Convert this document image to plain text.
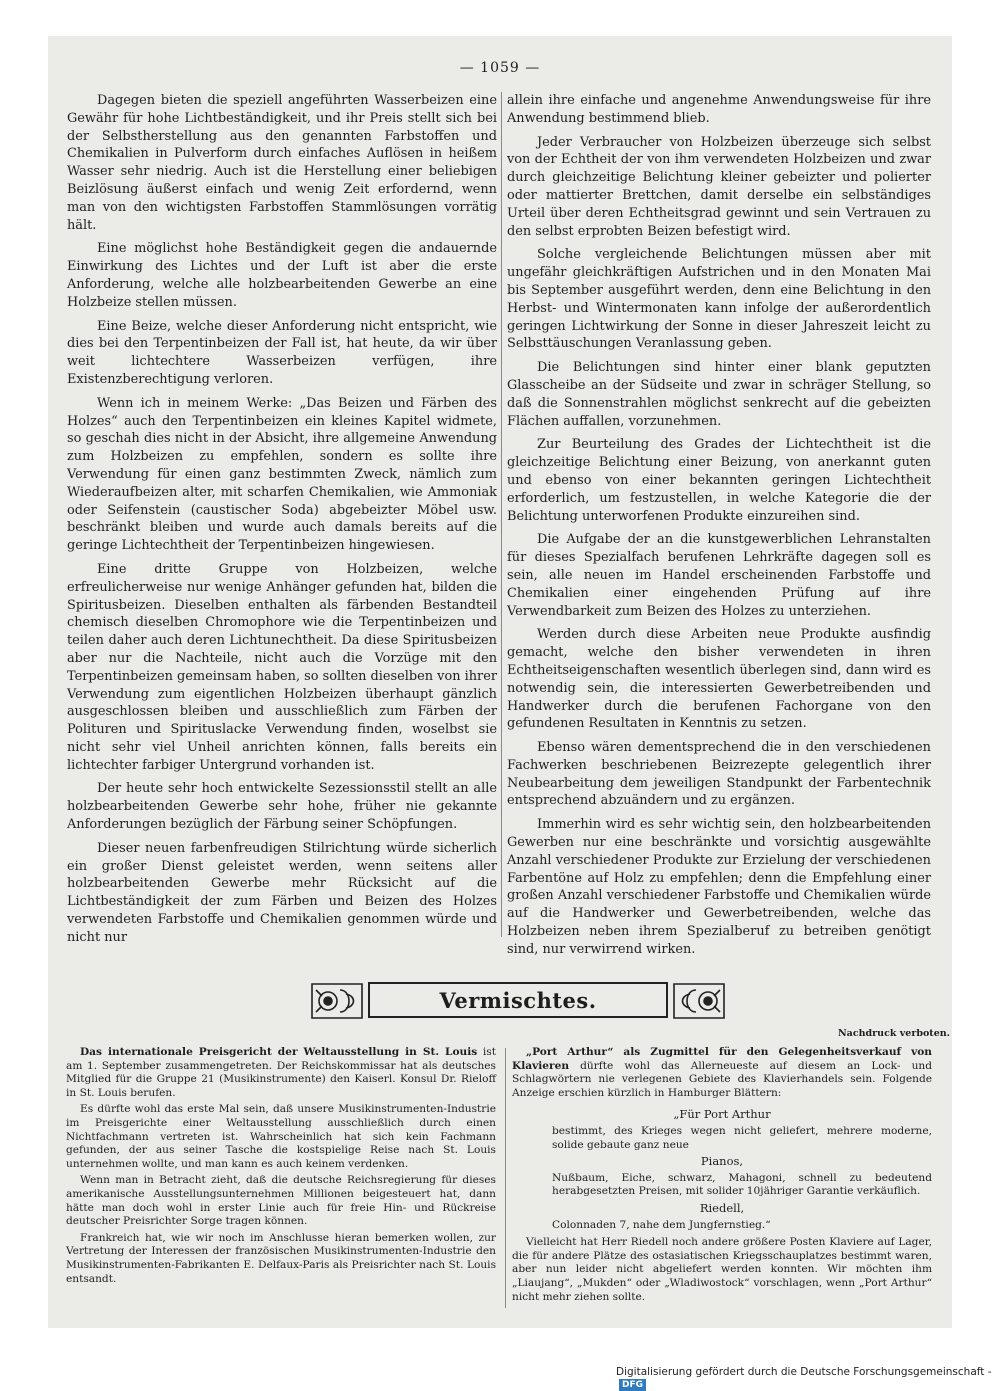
— 1059 —

Dagegen bieten die speziell angeführten Wasserbeizen eine Gewähr für hohe Lichtbeständigkeit, und ihr Preis stellt sich bei der Selbstherstellung aus den genannten Farbstoffen und Chemikalien in Pulverform durch einfaches Auflösen in heißem Wasser sehr niedrig. Auch ist die Herstellung einer beliebigen Beizlösung äußerst einfach und wenig Zeit erfordernd, wenn man von den wichtigsten Farbstoffen Stammlösungen vorrätig hält.

Eine möglichst hohe Beständigkeit gegen die andauernde Einwirkung des Lichtes und der Luft ist aber die erste Anforderung, welche alle holzbearbeitenden Gewerbe an eine Holzbeize stellen müssen.

Eine Beize, welche dieser Anforderung nicht entspricht, wie dies bei den Terpentinbeizen der Fall ist, hat heute, da wir über weit lichtechtere Wasserbeizen verfügen, ihre Existenzberechtigung verloren.

Wenn ich in meinem Werke: „Das Beizen und Färben des Holzes“ auch den Terpentinbeizen ein kleines Kapitel widmete, so geschah dies nicht in der Absicht, ihre allgemeine Anwendung zum Holzbeizen zu empfehlen, sondern es sollte ihre Verwendung für einen ganz bestimmten Zweck, nämlich zum Wiederaufbeizen alter, mit scharfen Chemikalien, wie Ammoniak oder Seifenstein (caustischer Soda) abgebeizter Möbel usw. beschränkt bleiben und wurde auch damals bereits auf die geringe Lichtechtheit der Terpentinbeizen hingewiesen.

Eine dritte Gruppe von Holzbeizen, welche erfreulicherweise nur wenige Anhänger gefunden hat, bilden die Spiritusbeizen. Dieselben enthalten als färbenden Bestandteil chemisch dieselben Chromophore wie die Terpentinbeizen und teilen daher auch deren Lichtunechtheit. Da diese Spiritusbeizen aber nur die Nachteile, nicht auch die Vorzüge mit den Terpentinbeizen gemeinsam haben, so sollten dieselben von ihrer Verwendung zum eigentlichen Holzbeizen überhaupt gänzlich ausgeschlossen bleiben und ausschließlich zum Färben der Polituren und Spirituslacke Verwendung finden, woselbst sie nicht sehr viel Unheil anrichten können, falls bereits ein lichtechter farbiger Untergrund vorhanden ist.

Der heute sehr hoch entwickelte Sezessionsstil stellt an alle holzbearbeitenden Gewerbe sehr hohe, früher nie gekannte Anforderungen bezüglich der Färbung seiner Schöpfungen.

Dieser neuen farbenfreudigen Stilrichtung würde sicherlich ein großer Dienst geleistet werden, wenn seitens aller holzbearbeitenden Gewerbe mehr Rücksicht auf die Lichtbeständigkeit der zum Färben und Beizen des Holzes verwendeten Farbstoffe und Chemikalien genommen würde und nicht nur

allein ihre einfache und angenehme Anwendungsweise für ihre Anwendung bestimmend blieb.

Jeder Verbraucher von Holzbeizen überzeuge sich selbst von der Echtheit der von ihm verwendeten Holzbeizen und zwar durch gleichzeitige Belichtung kleiner gebeizter und polierter oder mattierter Brettchen, damit derselbe ein selbständiges Urteil über deren Echtheitsgrad gewinnt und sein Vertrauen zu den selbst erprobten Beizen befestigt wird.

Solche vergleichende Belichtungen müssen aber mit ungefähr gleichkräftigen Aufstrichen und in den Monaten Mai bis September ausgeführt werden, denn eine Belichtung in den Herbst- und Wintermonaten kann infolge der außerordentlich geringen Lichtwirkung der Sonne in dieser Jahreszeit leicht zu Selbsttäuschungen Veranlassung geben.

Die Belichtungen sind hinter einer blank geputzten Glasscheibe an der Südseite und zwar in schräger Stellung, so daß die Sonnenstrahlen möglichst senkrecht auf die gebeizten Flächen auffallen, vorzunehmen.

Zur Beurteilung des Grades der Lichtechtheit ist die gleichzeitige Belichtung einer Beizung, von anerkannt guten und ebenso von einer bekannten geringen Lichtechtheit erforderlich, um festzustellen, in welche Kategorie die der Belichtung unterworfenen Produkte einzureihen sind.

Die Aufgabe der an die kunstgewerblichen Lehranstalten für dieses Spezialfach berufenen Lehrkräfte dagegen soll es sein, alle neuen im Handel erscheinenden Farbstoffe und Chemikalien einer eingehenden Prüfung auf ihre Verwendbarkeit zum Beizen des Holzes zu unterziehen.

Werden durch diese Arbeiten neue Produkte ausfindig gemacht, welche den bisher verwendeten in ihren Echtheitseigenschaften wesentlich überlegen sind, dann wird es notwendig sein, die interessierten Gewerbetreibenden und Handwerker durch die berufenen Fachorgane von den gefundenen Resultaten in Kenntnis zu setzen.

Ebenso wären dementsprechend die in den verschiedenen Fachwerken beschriebenen Beizrezepte gelegentlich ihrer Neubearbeitung dem jeweiligen Standpunkt der Farbentechnik entsprechend abzuändern und zu ergänzen.

Immerhin wird es sehr wichtig sein, den holzbearbeitenden Gewerben nur eine beschränkte und vorsichtig ausgewählte Anzahl verschiedener Produkte zur Erzielung der verschiedenen Farbentöne auf Holz zu empfehlen; denn die Empfehlung einer großen Anzahl verschiedener Farbstoffe und Chemikalien würde auf die Handwerker und Gewerbetreibenden, welche das Holzbeizen neben ihrem Spezialberuf zu betreiben genötigt sind, nur verwirrend wirken.

Vermischtes.
Nachdruck verboten.

Das internationale Preisgericht der Weltausstellung in St. Louis ist am 1. September zusammengetreten. Der Reichskommissar hat als deutsches Mitglied für die Gruppe 21 (Musikinstrumente) den Kaiserl. Konsul Dr. Rieloff in St. Louis berufen.

Es dürfte wohl das erste Mal sein, daß unsere Musikinstrumenten-Industrie im Preisgerichte einer Weltausstellung ausschließlich durch einen Nichtfachmann vertreten ist. Wahrscheinlich hat sich kein Fachmann gefunden, der aus seiner Tasche die kostspielige Reise nach St. Louis unternehmen wollte, und man kann es auch keinem verdenken.

Wenn man in Betracht zieht, daß die deutsche Reichsregierung für dieses amerikanische Ausstellungsunternehmen Millionen beigesteuert hat, dann hätte man doch wohl in erster Linie auch für freie Hin- und Rückreise deutscher Preisrichter Sorge tragen können.

Frankreich hat, wie wir noch im Anschlusse hieran bemerken wollen, zur Vertretung der Interessen der französischen Musikinstrumenten-Industrie den Musikinstrumenten-Fabrikanten E. Delfaux-Paris als Preisrichter nach St. Louis entsandt.

„Port Arthur“ als Zugmittel für den Gelegenheitsverkauf von Klavieren dürfte wohl das Allerneueste auf diesem an Lock- und Schlagwörtern nie verlegenen Gebiete des Klavierhandels sein. Folgende Anzeige erschien kürzlich in Hamburger Blättern:

„Für Port Arthur

bestimmt, des Krieges wegen nicht geliefert, mehrere moderne, solide gebaute ganz neue

Pianos,

Nußbaum, Eiche, schwarz, Mahagoni, schnell zu bedeutend herabgesetzten Preisen, mit solider 10jähriger Garantie verkäuflich.

Riedell,

Colonnaden 7, nahe dem Jungfernstieg.“

Vielleicht hat Herr Riedell noch andere größere Posten Klaviere auf Lager, die für andere Plätze des ostasiatischen Kriegsschauplatzes bestimmt waren, aber nun leider nicht abgeliefert werden konnten. Wir möchten ihm „Liaujang“, „Mukden“ oder „Wladiwostock“ vorschlagen, wenn „Port Arthur“ nicht mehr ziehen sollte.

Digitalisierung gefördert durch die Deutsche Forschungsgemeinschaft -DFG
